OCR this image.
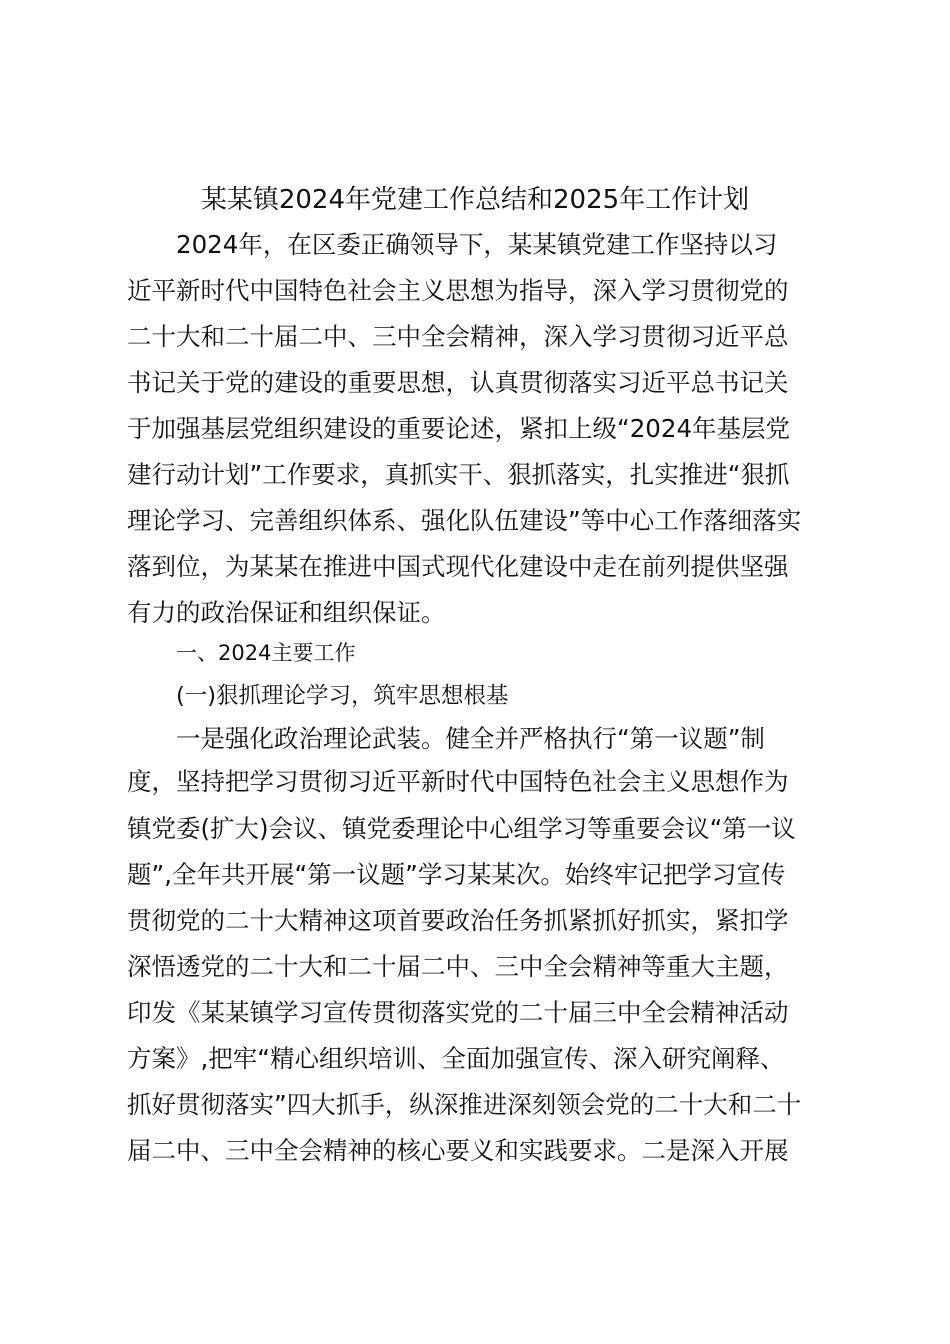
某某镇2024年党建工作总结和2025年工作计划

2024年，在区委正确领导下，某某镇党建工作坚持以习

近平新时代中国特色社会主义思想为指导，深入学习贯彻党的

二十大和二十届二中、三中全会精神，深入学习贯彻习近平总

书记关于党的建设的重要思想，认真贯彻落实习近平总书记关

于加强基层党组织建设的重要论述，紧扣上级“2024年基层党

建行动计划”工作要求，真抓实干、狠抓落实，扎实推进“狠抓

理论学习、完善组织体系、强化队伍建设”等中心工作落细落实

落到位，为某某在推进中国式现代化建设中走在前列提供坚强

有力的政治保证和组织保证。

一、2024主要工作

(一)狠抓理论学习，筑牢思想根基

一是强化政治理论武装。健全并严格执行“第一议题”制

度，坚持把学习贯彻习近平新时代中国特色社会主义思想作为

镇党委(扩大)会议、镇党委理论中心组学习等重要会议“第一议

题”,全年共开展“第一议题”学习某某次。始终牢记把学习宣传

贯彻党的二十大精神这项首要政治任务抓紧抓好抓实，紧扣学

深悟透党的二十大和二十届二中、三中全会精神等重大主题，

印发《某某镇学习宣传贯彻落实党的二十届三中全会精神活动

方案》,把牢“精心组织培训、全面加强宣传、深入研究阐释、

抓好贯彻落实”四大抓手，纵深推进深刻领会党的二十大和二十

届二中、三中全会精神的核心要义和实践要求。二是深入开展
